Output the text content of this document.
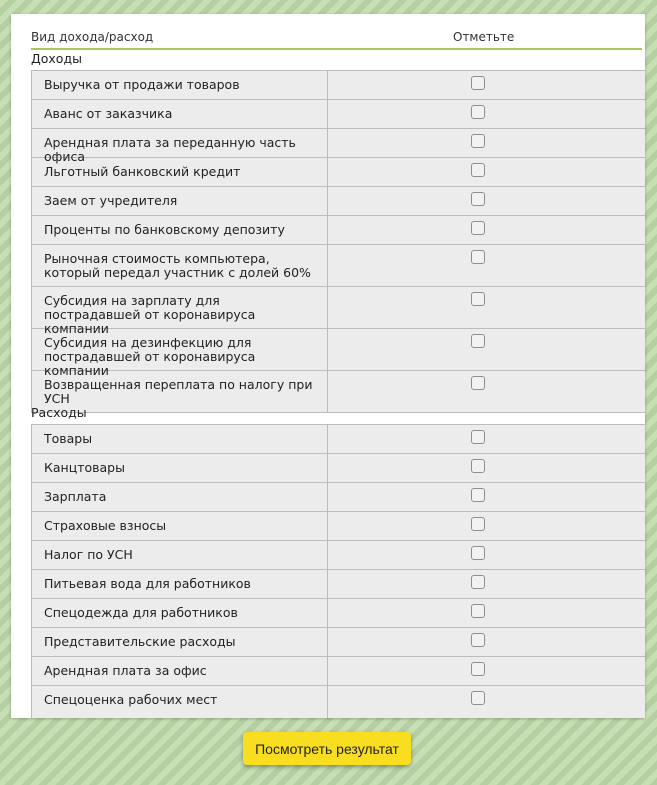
Вид дохода/расход	Отметьте
Доходы
Выручка от продажи товаров
Аванс от заказчика
Арендная плата за переданную часть офиса
Льготный банковский кредит
Заем от учредителя
Проценты по банковскому депозиту
Рыночная стоимость компьютера, который передал участник с долей 60%
Субсидия на зарплату для пострадавшей от коронавируса компании
Субсидия на дезинфекцию для пострадавшей от коронавируса компании
Возвращенная переплата по налогу при УСН
Расходы
Товары
Канцтовары
Зарплата
Страховые взносы
Налог по УСН
Питьевая вода для работников
Спецодежда для работников
Представительские расходы
Арендная плата за офис
Спецоценка рабочих мест
Посмотреть результат
